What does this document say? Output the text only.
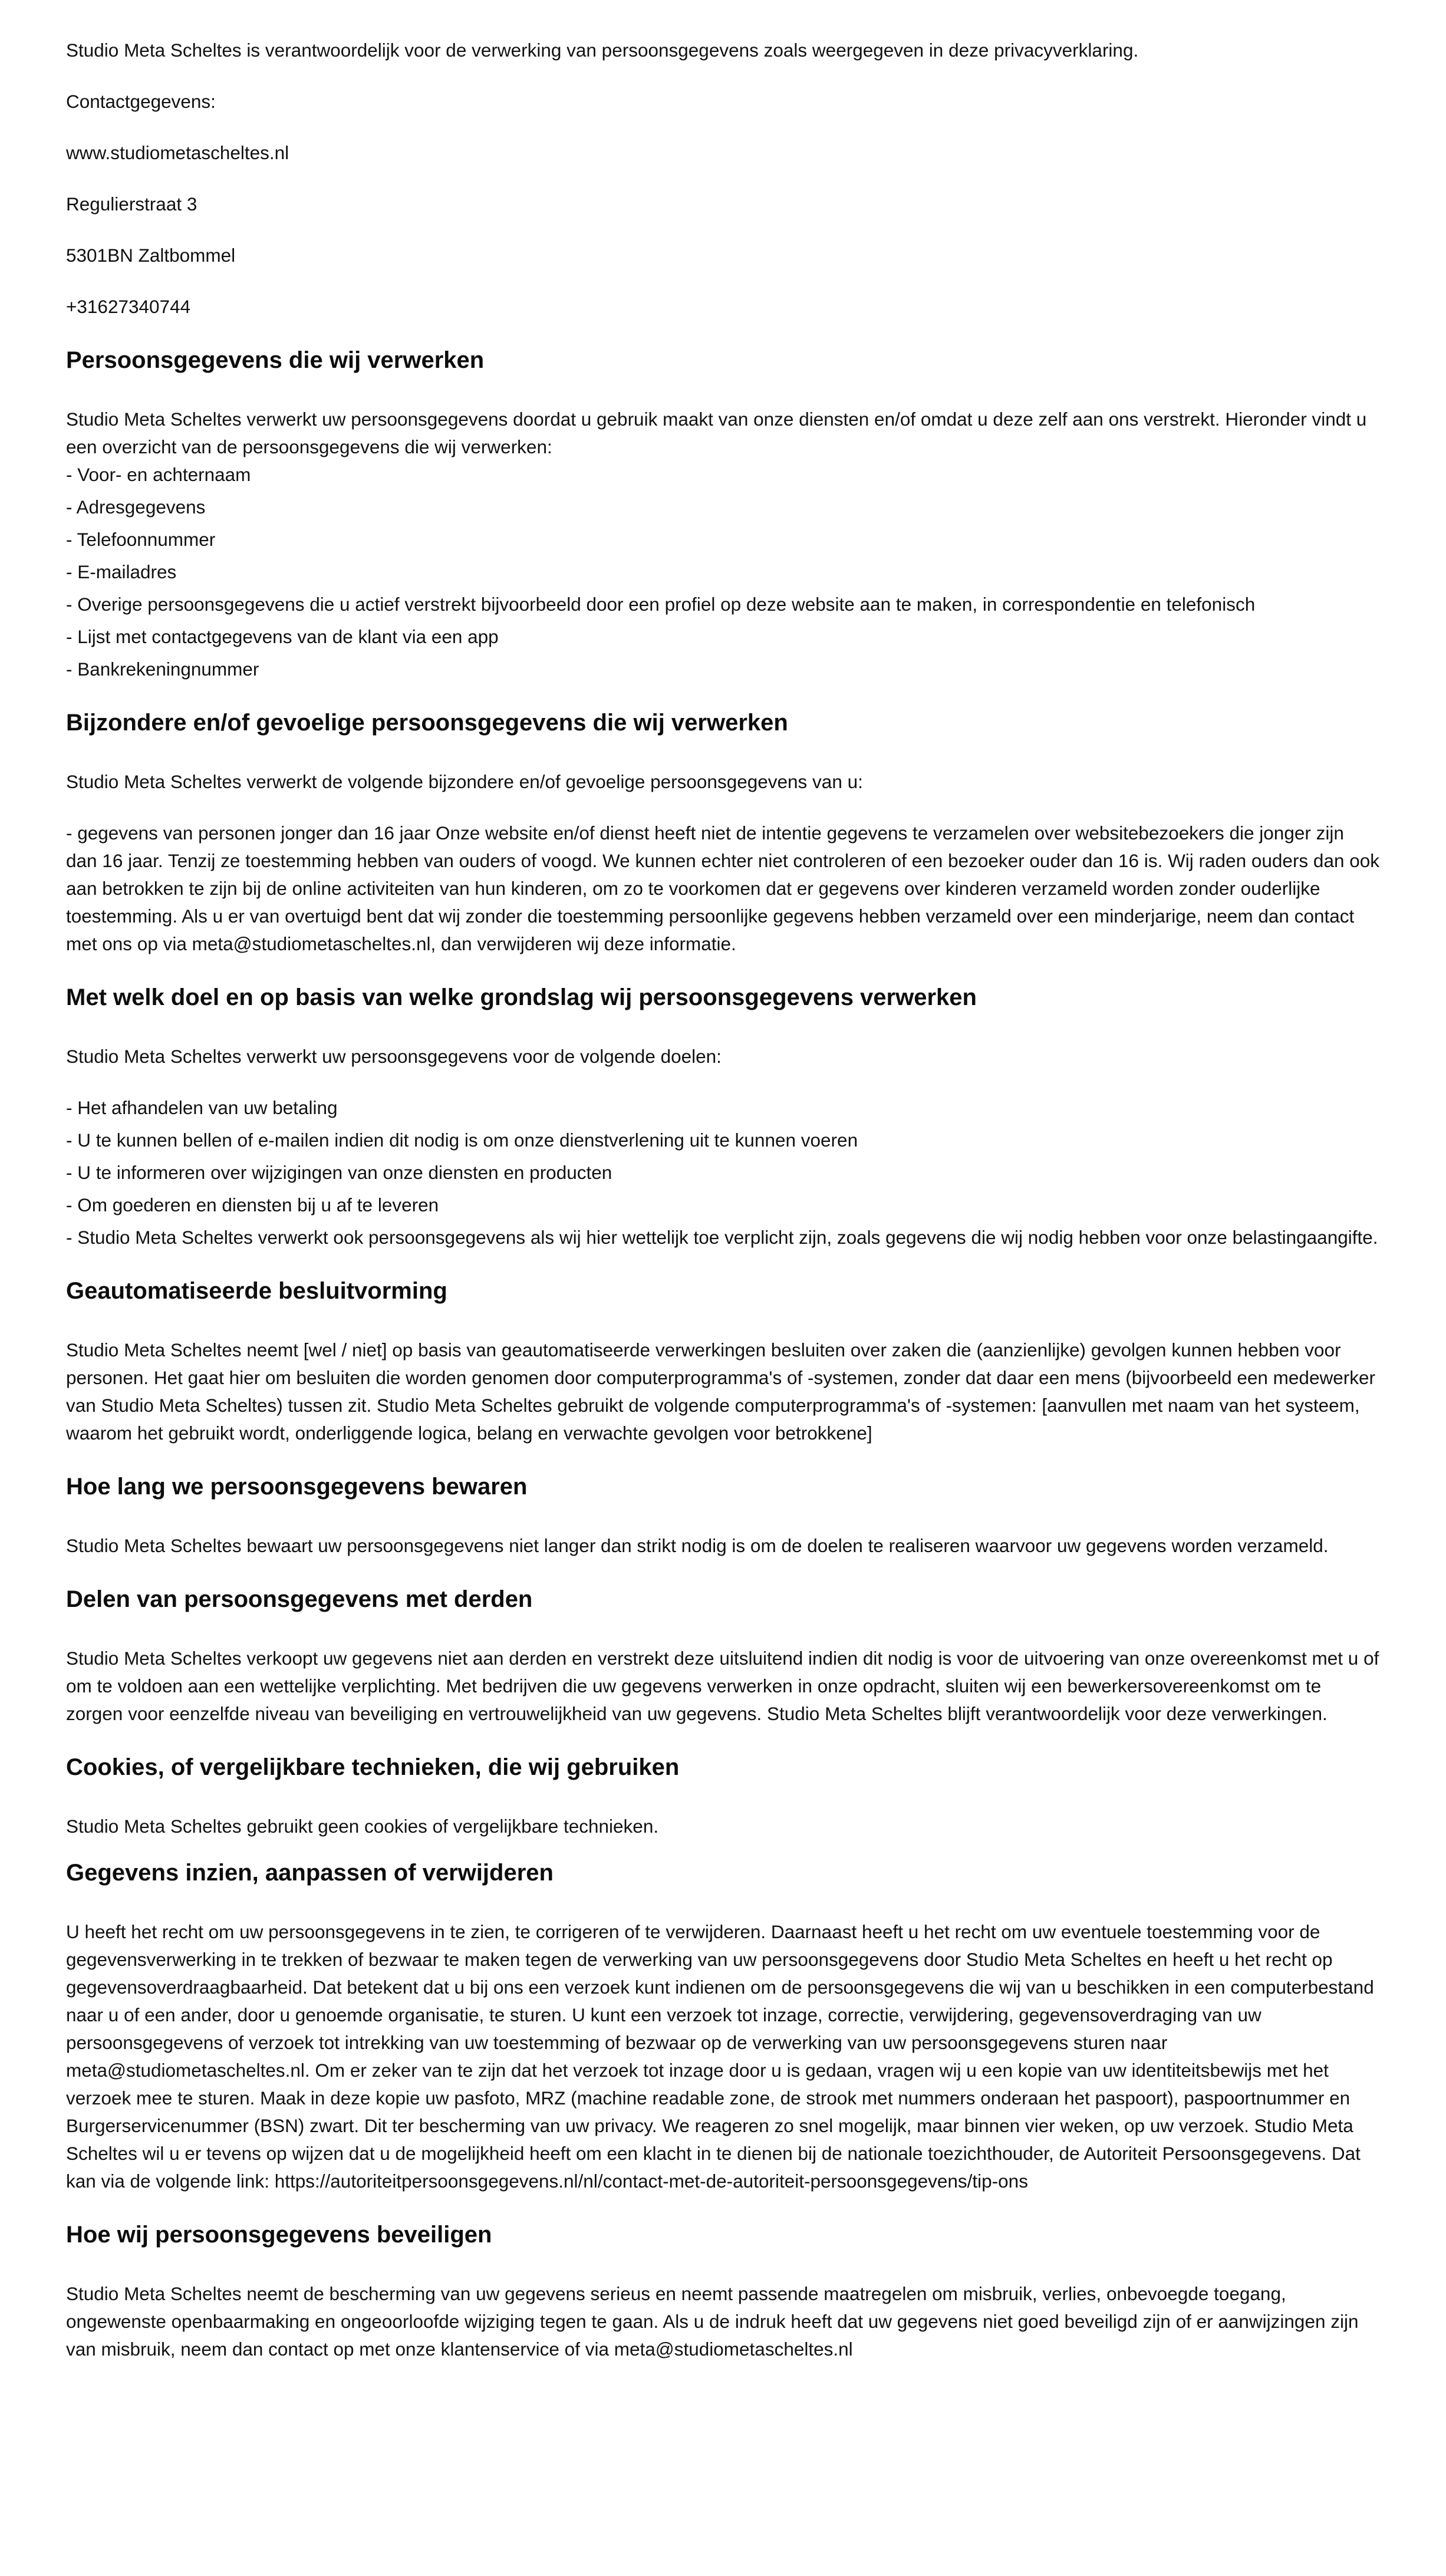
Studio Meta Scheltes is verantwoordelijk voor de verwerking van persoonsgegevens zoals weergegeven in deze privacyverklaring.

Contactgegevens:

www.studiometascheltes.nl

Regulierstraat 3

5301BN Zaltbommel

+31627340744

Persoonsgegevens die wij verwerken

Studio Meta Scheltes verwerkt uw persoonsgegevens doordat u gebruik maakt van onze diensten en/of omdat u deze zelf aan ons verstrekt. Hieronder vindt u een overzicht van de persoonsgegevens die wij verwerken:

- Voor- en achternaam

- Adresgegevens

- Telefoonnummer

- E-mailadres

- Overige persoonsgegevens die u actief verstrekt bijvoorbeeld door een profiel op deze website aan te maken, in correspondentie en telefonisch

- Lijst met contactgegevens van de klant via een app

- Bankrekeningnummer

Bijzondere en/of gevoelige persoonsgegevens die wij verwerken

Studio Meta Scheltes verwerkt de volgende bijzondere en/of gevoelige persoonsgegevens van u:

- gegevens van personen jonger dan 16 jaar Onze website en/of dienst heeft niet de intentie gegevens te verzamelen over websitebezoekers die jonger zijn dan 16 jaar. Tenzij ze toestemming hebben van ouders of voogd. We kunnen echter niet controleren of een bezoeker ouder dan 16 is. Wij raden ouders dan ook aan betrokken te zijn bij de online activiteiten van hun kinderen, om zo te voorkomen dat er gegevens over kinderen verzameld worden zonder ouderlijke toestemming. Als u er van overtuigd bent dat wij zonder die toestemming persoonlijke gegevens hebben verzameld over een minderjarige, neem dan contact met ons op via meta@studiometascheltes.nl, dan verwijderen wij deze informatie.

Met welk doel en op basis van welke grondslag wij persoonsgegevens verwerken

Studio Meta Scheltes verwerkt uw persoonsgegevens voor de volgende doelen:

- Het afhandelen van uw betaling

- U te kunnen bellen of e-mailen indien dit nodig is om onze dienstverlening uit te kunnen voeren

- U te informeren over wijzigingen van onze diensten en producten

- Om goederen en diensten bij u af te leveren

- Studio Meta Scheltes verwerkt ook persoonsgegevens als wij hier wettelijk toe verplicht zijn, zoals gegevens die wij nodig hebben voor onze belastingaangifte.

Geautomatiseerde besluitvorming

Studio Meta Scheltes neemt [wel / niet] op basis van geautomatiseerde verwerkingen besluiten over zaken die (aanzienlijke) gevolgen kunnen hebben voor personen. Het gaat hier om besluiten die worden genomen door computerprogramma's of -systemen, zonder dat daar een mens (bijvoorbeeld een medewerker van Studio Meta Scheltes) tussen zit. Studio Meta Scheltes gebruikt de volgende computerprogramma's of -systemen: [aanvullen met naam van het systeem, waarom het gebruikt wordt, onderliggende logica, belang en verwachte gevolgen voor betrokkene]

Hoe lang we persoonsgegevens bewaren

Studio Meta Scheltes bewaart uw persoonsgegevens niet langer dan strikt nodig is om de doelen te realiseren waarvoor uw gegevens worden verzameld.

Delen van persoonsgegevens met derden

Studio Meta Scheltes verkoopt uw gegevens niet aan derden en verstrekt deze uitsluitend indien dit nodig is voor de uitvoering van onze overeenkomst met u of om te voldoen aan een wettelijke verplichting. Met bedrijven die uw gegevens verwerken in onze opdracht, sluiten wij een bewerkersovereenkomst om te zorgen voor eenzelfde niveau van beveiliging en vertrouwelijkheid van uw gegevens. Studio Meta Scheltes blijft verantwoordelijk voor deze verwerkingen.

Cookies, of vergelijkbare technieken, die wij gebruiken

Studio Meta Scheltes gebruikt geen cookies of vergelijkbare technieken.

Gegevens inzien, aanpassen of verwijderen

U heeft het recht om uw persoonsgegevens in te zien, te corrigeren of te verwijderen. Daarnaast heeft u het recht om uw eventuele toestemming voor de gegevensverwerking in te trekken of bezwaar te maken tegen de verwerking van uw persoonsgegevens door Studio Meta Scheltes en heeft u het recht op gegevensoverdraagbaarheid. Dat betekent dat u bij ons een verzoek kunt indienen om de persoonsgegevens die wij van u beschikken in een computerbestand naar u of een ander, door u genoemde organisatie, te sturen. U kunt een verzoek tot inzage, correctie, verwijdering, gegevensoverdraging van uw persoonsgegevens of verzoek tot intrekking van uw toestemming of bezwaar op de verwerking van uw persoonsgegevens sturen naar meta@studiometascheltes.nl. Om er zeker van te zijn dat het verzoek tot inzage door u is gedaan, vragen wij u een kopie van uw identiteitsbewijs met het verzoek mee te sturen. Maak in deze kopie uw pasfoto, MRZ (machine readable zone, de strook met nummers onderaan het paspoort), paspoortnummer en Burgerservicenummer (BSN) zwart. Dit ter bescherming van uw privacy. We reageren zo snel mogelijk, maar binnen vier weken, op uw verzoek. Studio Meta Scheltes wil u er tevens op wijzen dat u de mogelijkheid heeft om een klacht in te dienen bij de nationale toezichthouder, de Autoriteit Persoonsgegevens. Dat kan via de volgende link: https://autoriteitpersoonsgegevens.nl/nl/contact-met-de-autoriteit-persoonsgegevens/tip-ons

Hoe wij persoonsgegevens beveiligen

Studio Meta Scheltes neemt de bescherming van uw gegevens serieus en neemt passende maatregelen om misbruik, verlies, onbevoegde toegang, ongewenste openbaarmaking en ongeoorloofde wijziging tegen te gaan. Als u de indruk heeft dat uw gegevens niet goed beveiligd zijn of er aanwijzingen zijn van misbruik, neem dan contact op met onze klantenservice of via meta@studiometascheltes.nl
